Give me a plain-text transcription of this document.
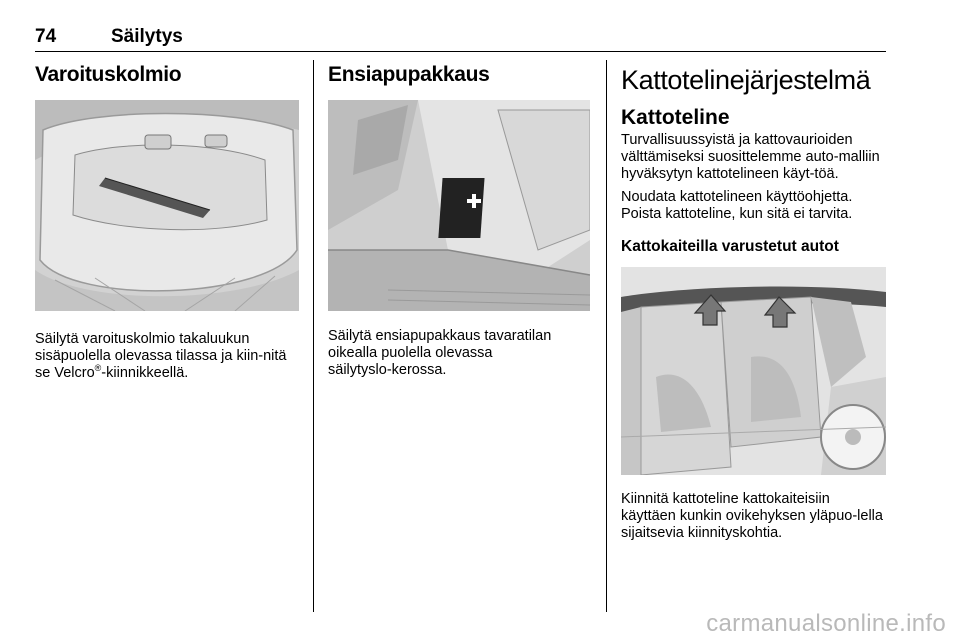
74	Säilytys
Varoituskolmio

Säilytä varoituskolmio takaluukun sisäpuolella olevassa tilassa ja kiin‑nitä se Velcro®-kiinnikkeellä.

Ensiapupakkaus

Säilytä ensiapupakkaus tavaratilan oikealla puolella olevassa säilytyslo‑kerossa.

Kattotelinejärjestelmä
Kattoteline

Turvallisuussyistä ja kattovaurioiden välttämiseksi suosittelemme auto‑malliin hyväksytyn kattotelineen käyt‑töä.

Noudata kattotelineen käyttöohjetta. Poista kattoteline, kun sitä ei tarvita.

Kattokaiteilla varustetut autot

Kiinnitä kattoteline kattokaiteisiin käyttäen kunkin ovikehyksen yläpuo‑lella sijaitsevia kiinnityskohtia.

carmanualsonline.info
